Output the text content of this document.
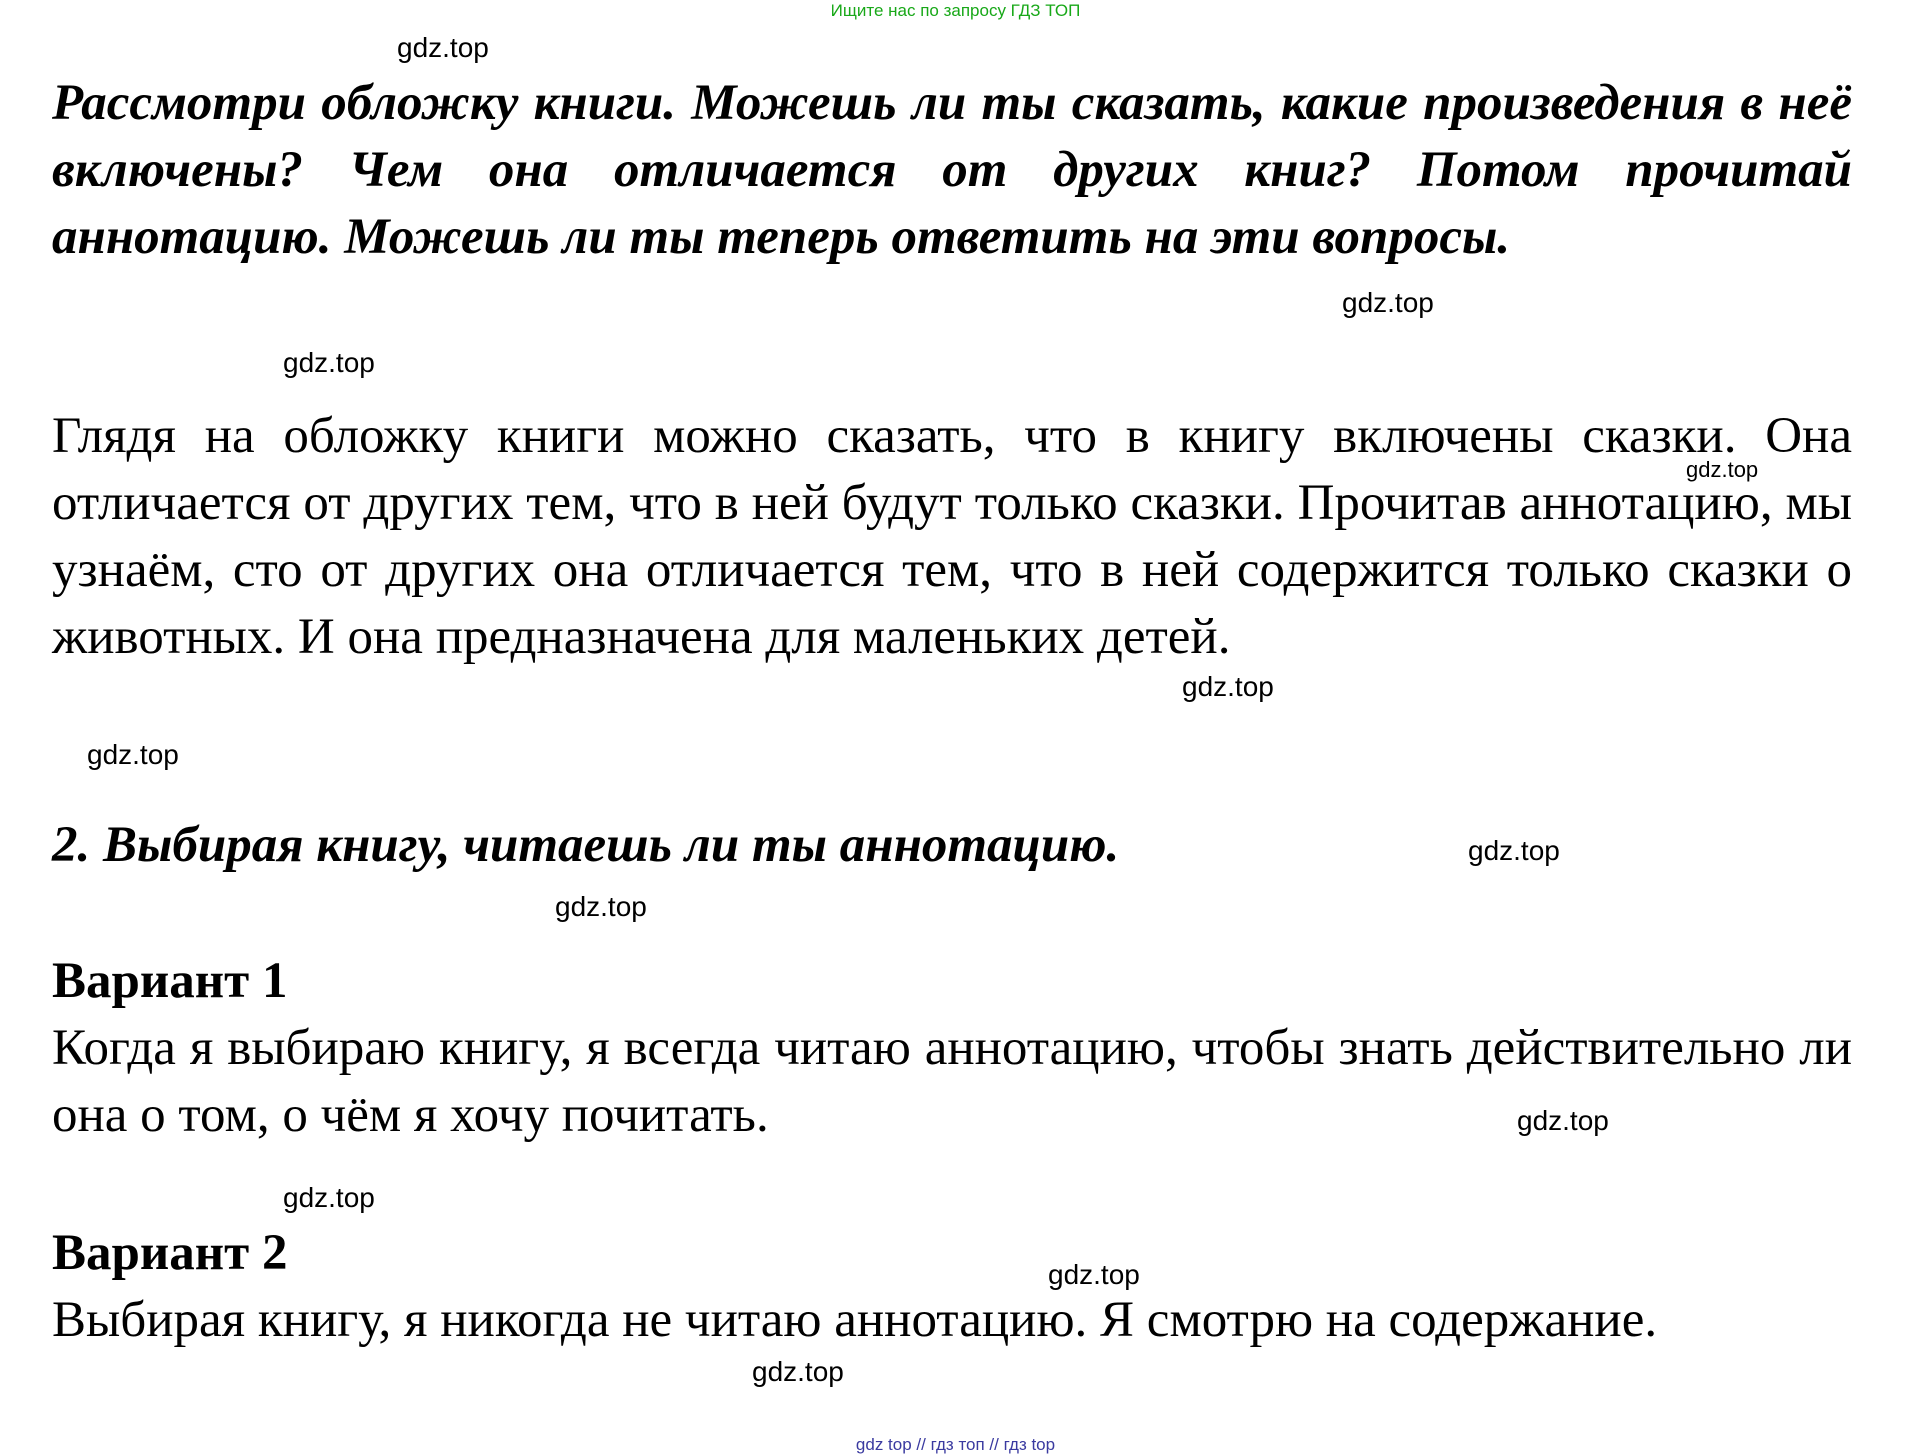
Ищите нас по запросу ГДЗ ТОП
Рассмотри обложку книги. Можешь ли ты сказать, какие произведения в неё включены? Чем она отличается от других книг? Потом прочитай аннотацию. Можешь ли ты теперь ответить на эти вопросы.
Глядя на обложку книги можно сказать, что в книгу включены сказки. Она отличается от других тем, что в ней будут только сказки. Прочитав аннотацию, мы узнаём, сто от других она отличается тем, что в ней содержится только сказки о животных. И она предназначена для маленьких детей.
2. Выбирая книгу, читаешь ли ты аннотацию.
Вариант 1
Когда я выбираю книгу, я всегда читаю аннотацию, чтобы знать действительно ли она о том, о чём я хочу почитать.
Вариант 2
Выбирая книгу, я никогда не читаю аннотацию. Я смотрю на содержание.
gdz.top
gdz.top
gdz.top
gdz.top
gdz.top
gdz.top
gdz.top
gdz.top
gdz.top
gdz.top
gdz.top
gdz.top
gdz top // гдз топ // гдз top
